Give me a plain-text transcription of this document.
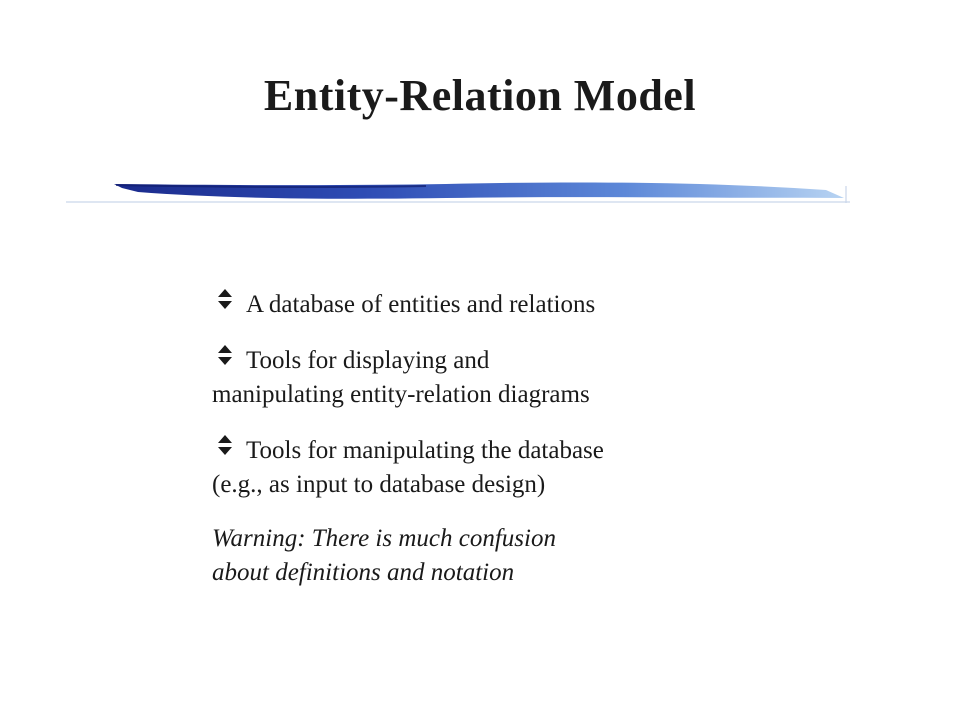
Entity-Relation Model
A database of entities and relations
Tools for displaying and
manipulating entity-relation diagrams
Tools for manipulating the database
(e.g., as input to database design)
Warning: There is much confusion
about definitions and notation
